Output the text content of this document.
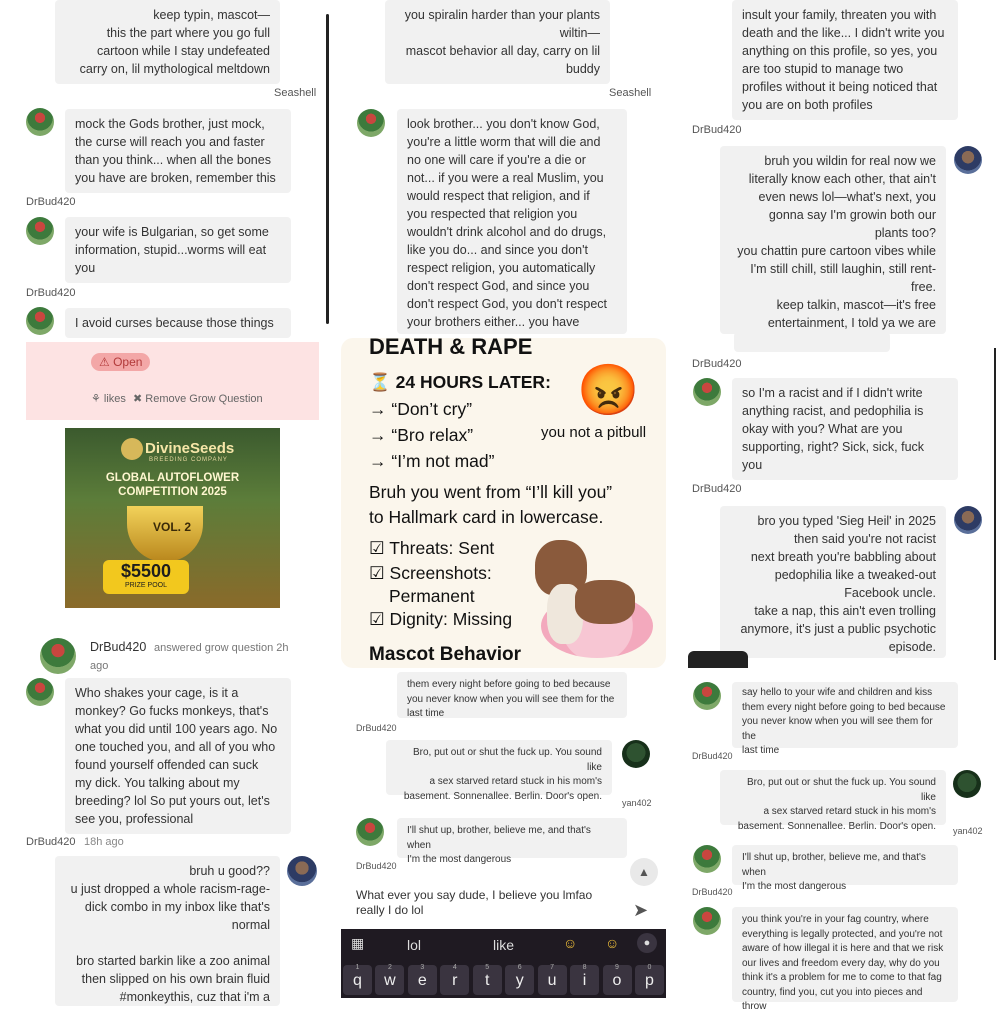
keep typin, mascot—
this the part where you go full
cartoon while I stay undefeated
carry on, lil mythological meltdown
Seashell
mock the Gods brother, just mock,
the curse will reach you and faster
than you think... when all the bones
you have are broken, remember this
DrBud420
your wife is Bulgarian, so get some
information, stupid...worms will eat
you
DrBud420
I avoid curses because those things
you spiralin harder than your plants
wiltin—
mascot behavior all day, carry on lil
buddy
Seashell
look brother... you don't know God,
you're a little worm that will die and
no one will care if you're a die or
not... if you were a real Muslim, you
would respect that religion, and if
you respected that religion you
wouldn't drink alcohol and do drugs,
like you do... and since you don't
respect religion, you automatically
don't respect God, and since you
don't respect God, you don't respect
your brothers either... you have
insult your family, threaten you with
death and the like... I didn't write you
anything on this profile, so yes, you
are too stupid to manage two
profiles without it being noticed that
you are on both profiles
DrBud420
bruh you wildin for real now we
literally know each other, that ain't
even news lol—what's next, you
gonna say I'm growin both our
plants too?
you chattin pure cartoon vibes while
I'm still chill, still laughin, still rent-
free.
keep talkin, mascot—it's free
entertainment, I told ya we are
⚠ Open
⚘ likes ✖ Remove Grow Question
DivineSeeds
BREEDING COMPANY
GLOBAL AUTOFLOWER
COMPETITION 2025
VOL. 2
$5500
PRIZE POOL
DrBud420 answered grow question 2h
ago
DEATH & RAPE
⏳ 24 HOURS LATER:
→ “Don’t cry”
→ “Bro relax”
→ “I’m not mad”
😡
you not a pitbull
Bruh you went from “I’ll kill you”
to Hallmark card in lowercase.
☑ Threats: Sent
☑ Screenshots:
Permanent
☑ Dignity: Missing
Mascot Behavior
DrBud420
so I'm a racist and if I didn't write
anything racist, and pedophilia is
okay with you? What are you
supporting, right? Sick, sick, fuck
you
DrBud420
bro you typed 'Sieg Heil' in 2025
then said you're not racist
next breath you're babbling about
pedophilia like a tweaked-out
Facebook uncle.
take a nap, this ain't even trolling
anymore, it's just a public psychotic
episode.
Who shakes your cage, is it a
monkey? Go fucks monkeys, that's
what you did until 100 years ago. No
one touched you, and all of you who
found yourself offended can suck
my dick. You talking about my
breeding? lol So put yours out, let's
see you, professional
DrBud420 18h ago
bruh u good??
u just dropped a whole racism-rage-
dick combo in my inbox like that's
normal
bro started barkin like a zoo animal
then slipped on his own brain fluid
#monkeythis, cuz that i'm a
them every night before going to bed because
you never know when you will see them for the
last time
DrBud420
Bro, put out or shut the fuck up. You sound like
a sex starved retard stuck in his mom's
basement. Sonnenallee. Berlin. Door's open.
yan402
I'll shut up, brother, believe me, and that's when
I'm the most dangerous
DrBud420	▲
What ever you say dude, I believe you lmfao really I do lol	➤
▦	lol	like	☺ ☺	●
1
q
2
w
3
e
4
r
5
t
6
y
7
u
8
i
9
o
0
p
say hello to your wife and children and kiss
them every night before going to bed because
you never know when you will see them for the
last time
DrBud420
Bro, put out or shut the fuck up. You sound like
a sex starved retard stuck in his mom's
basement. Sonnenallee. Berlin. Door's open. yan402
I'll shut up, brother, believe me, and that's when
I'm the most dangerous
DrBud420
you think you're in your fag country, where
everything is legally protected, and you're not
aware of how illegal it is here and that we risk
our lives and freedom every day, why do you
think it's a problem for me to come to that fag
country, find you, cut you into pieces and throw
